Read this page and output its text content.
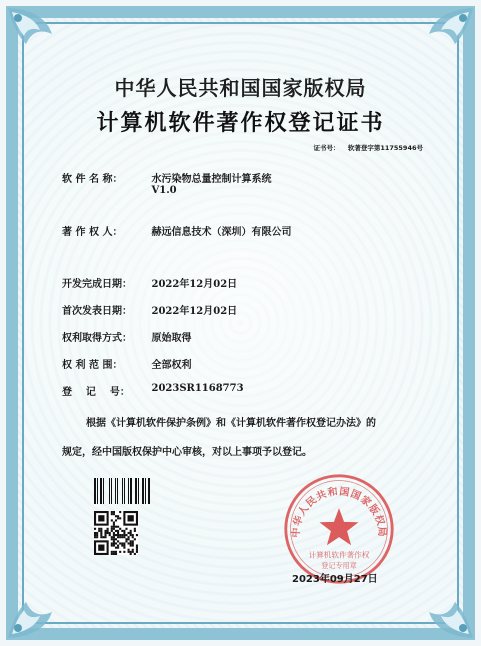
中华人民共和国国家版权局
计算机软件著作权登记证书
证书号： 软著登字第11755946号
软 件 名 称：	水污染物总量控制计算系统
V1.0
著 作 权 人：	赫远信息技术（深圳）有限公司
开发完成日期： 2022年12月02日
首次发表日期： 2022年12月02日
权利取得方式： 原始取得
权 利 范 围：	全部权利
登    记    号： 2023SR1168773
根据《计算机软件保护条例》和《计算机软件著作权登记办法》的
规定，经中国版权保护中心审核，对以上事项予以登记。
中华人民共和国国家版权局
计算机软件著作权
登记专用章
2023年09月27日
